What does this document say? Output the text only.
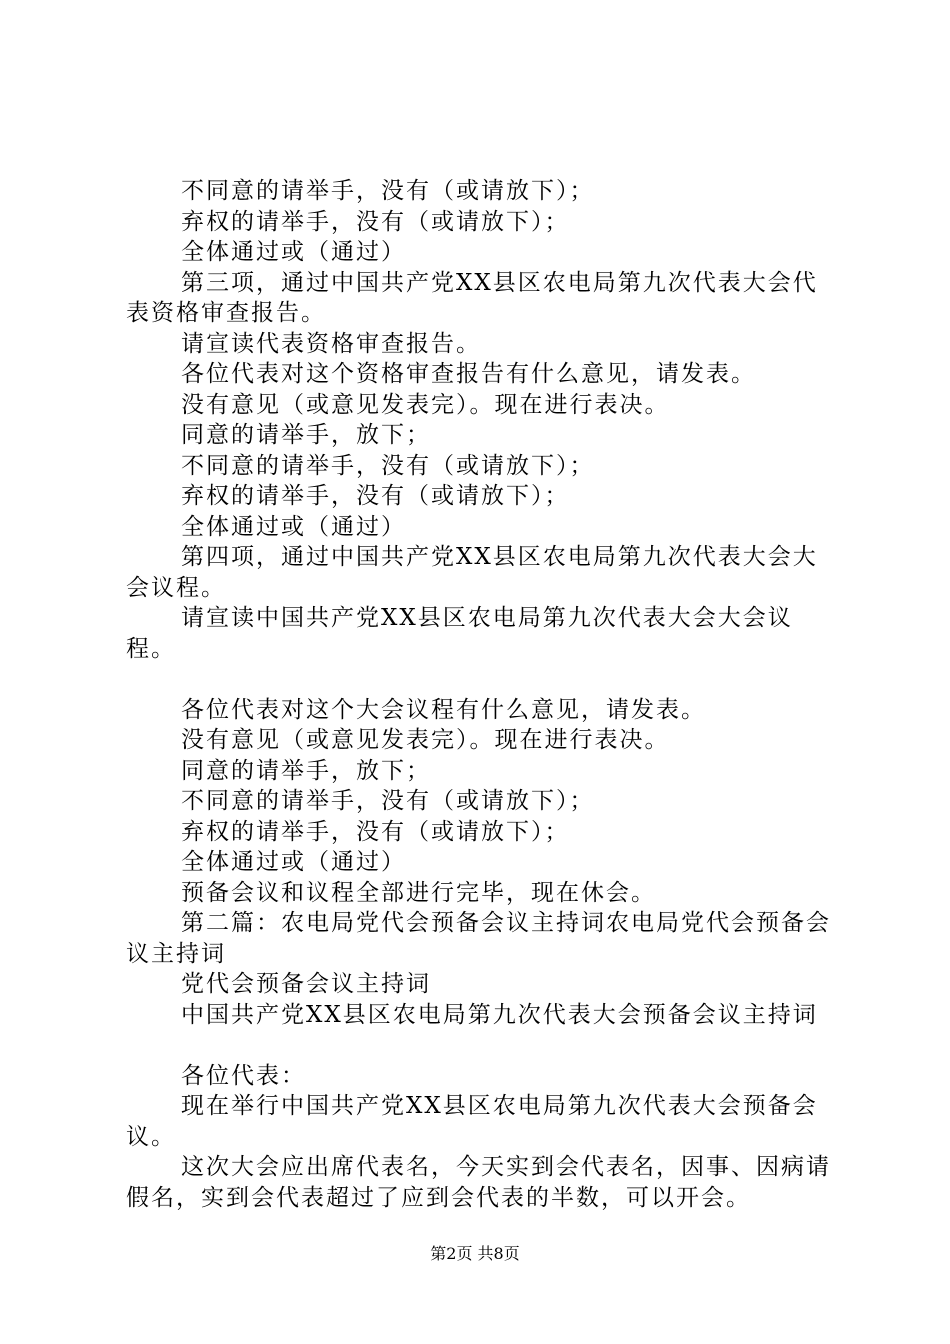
不同意的请举手，没有（或请放下）；

弃权的请举手，没有（或请放下）；

全体通过或（通过）

第三项，通过中国共产党XX县区农电局第九次代表大会代表资格审查报告。

请宣读代表资格审查报告。

各位代表对这个资格审查报告有什么意见，请发表。

没有意见（或意见发表完）。现在进行表决。

同意的请举手，放下；

不同意的请举手，没有（或请放下）；

弃权的请举手，没有（或请放下）；

全体通过或（通过）

第四项，通过中国共产党XX县区农电局第九次代表大会大会议程。

请宣读中国共产党XX县区农电局第九次代表大会大会议程。

各位代表对这个大会议程有什么意见，请发表。

没有意见（或意见发表完）。现在进行表决。

同意的请举手，放下；

不同意的请举手，没有（或请放下）；

弃权的请举手，没有（或请放下）；

全体通过或（通过）

预备会议和议程全部进行完毕，现在休会。

第二篇：农电局党代会预备会议主持词农电局党代会预备会议主持词

党代会预备会议主持词

中国共产党XX县区农电局第九次代表大会预备会议主持词

各位代表：

现在举行中国共产党XX县区农电局第九次代表大会预备会议。

这次大会应出席代表名，今天实到会代表名，因事、因病请假名，实到会代表超过了应到会代表的半数，可以开会。

第2页 共8页
